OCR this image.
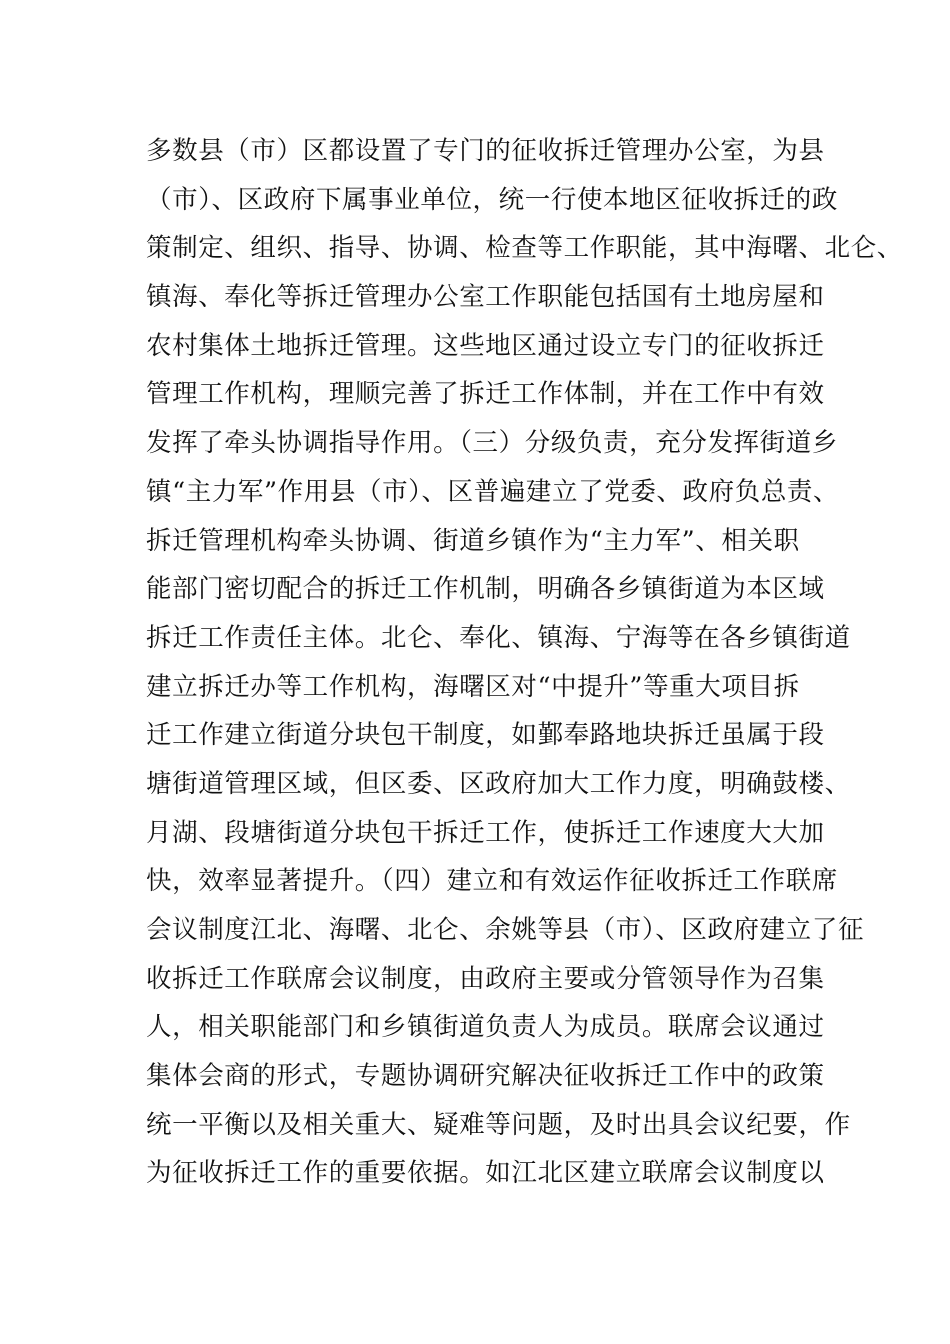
多数县（市）区都设置了专门的征收拆迁管理办公室，为县
（市）、区政府下属事业单位，统一行使本地区征收拆迁的政
策制定、组织、指导、协调、检查等工作职能，其中海曙、北仑、
镇海、奉化等拆迁管理办公室工作职能包括国有土地房屋和
农村集体土地拆迁管理。这些地区通过设立专门的征收拆迁
管理工作机构，理顺完善了拆迁工作体制，并在工作中有效
发挥了牵头协调指导作用。（三）分级负责，充分发挥街道乡
镇“主力军”作用县（市）、区普遍建立了党委、政府负总责、
拆迁管理机构牵头协调、街道乡镇作为“主力军”、相关职
能部门密切配合的拆迁工作机制，明确各乡镇街道为本区域
拆迁工作责任主体。北仑、奉化、镇海、宁海等在各乡镇街道
建立拆迁办等工作机构，海曙区对“中提升”等重大项目拆
迁工作建立街道分块包干制度，如鄞奉路地块拆迁虽属于段
塘街道管理区域，但区委、区政府加大工作力度，明确鼓楼、
月湖、段塘街道分块包干拆迁工作，使拆迁工作速度大大加
快，效率显著提升。（四）建立和有效运作征收拆迁工作联席
会议制度江北、海曙、北仑、余姚等县（市）、区政府建立了征
收拆迁工作联席会议制度，由政府主要或分管领导作为召集
人，相关职能部门和乡镇街道负责人为成员。联席会议通过
集体会商的形式，专题协调研究解决征收拆迁工作中的政策
统一平衡以及相关重大、疑难等问题，及时出具会议纪要，作
为征收拆迁工作的重要依据。如江北区建立联席会议制度以
